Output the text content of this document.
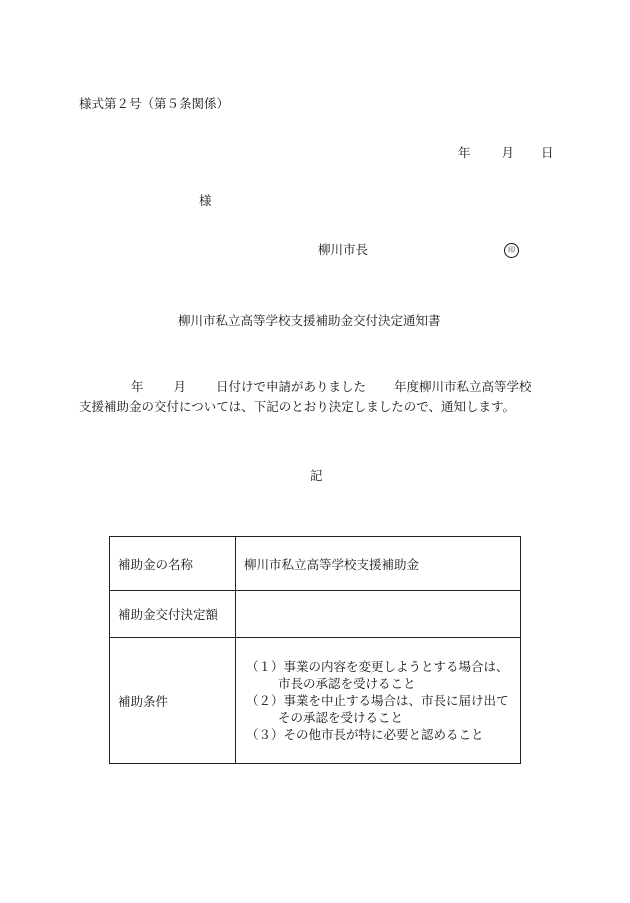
様式第２号（第５条関係）
年 月 日
様
柳川市長	印
柳川市私立高等学校支援補助金交付決定通知書
年 月 日付けで申請がありました 年度柳川市私立高等学校
支援補助金の交付については、下記のとおり決定しましたので、通知します。
記
補助金の名称	柳川市私立高等学校支援補助金
補助金交付決定額	
補助条件	（１）事業の内容を変更しようとする場合は、
市長の承認を受けること
（２）事業を中止する場合は、市長に届け出て
その承認を受けること
（３）その他市長が特に必要と認めること
